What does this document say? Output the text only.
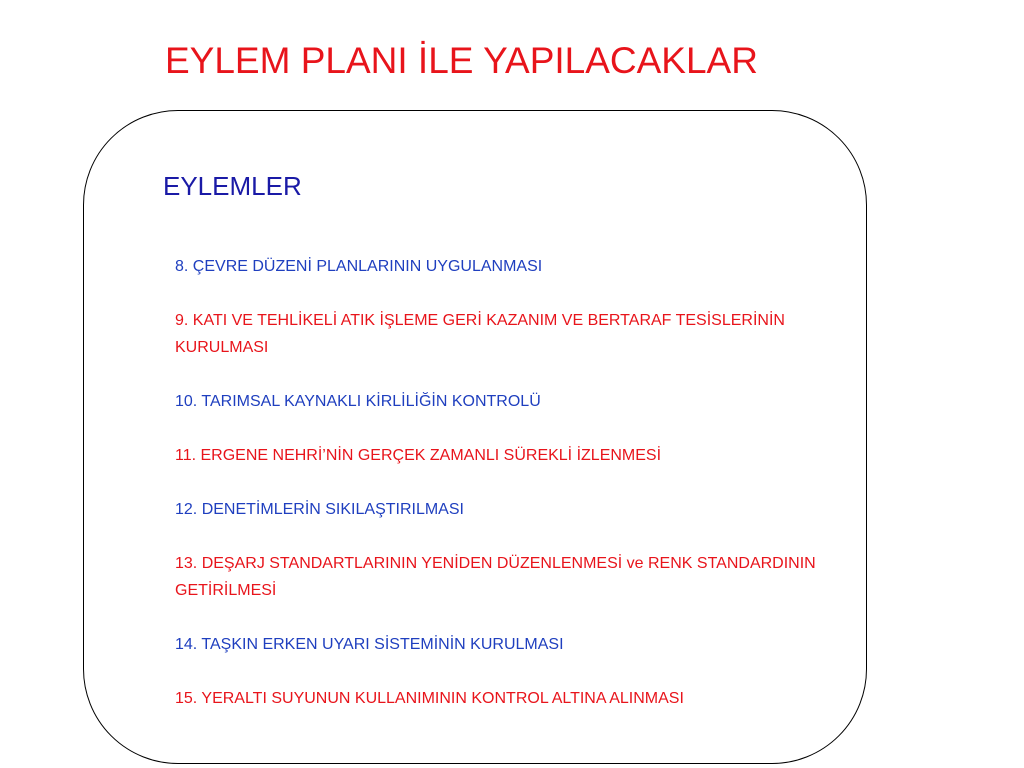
EYLEM PLANI İLE YAPILACAKLAR
EYLEMLER
8. ÇEVRE DÜZENİ PLANLARININ UYGULANMASI
9. KATI VE TEHLİKELİ ATIK İŞLEME GERİ KAZANIM VE BERTARAF TESİSLERİNİN KURULMASI
10. TARIMSAL KAYNAKLI KİRLİLİĞİN KONTROLÜ
11. ERGENE NEHRİ’NİN GERÇEK ZAMANLI SÜREKLİ İZLENMESİ
12. DENETİMLERİN SIKILAŞTIRILMASI
13. DEŞARJ STANDARTLARININ YENİDEN DÜZENLENMESİ ve RENK STANDARDININ GETİRİLMESİ
14. TAŞKIN ERKEN UYARI SİSTEMİNİN KURULMASI
15. YERALTI SUYUNUN KULLANIMININ KONTROL ALTINA ALINMASI
